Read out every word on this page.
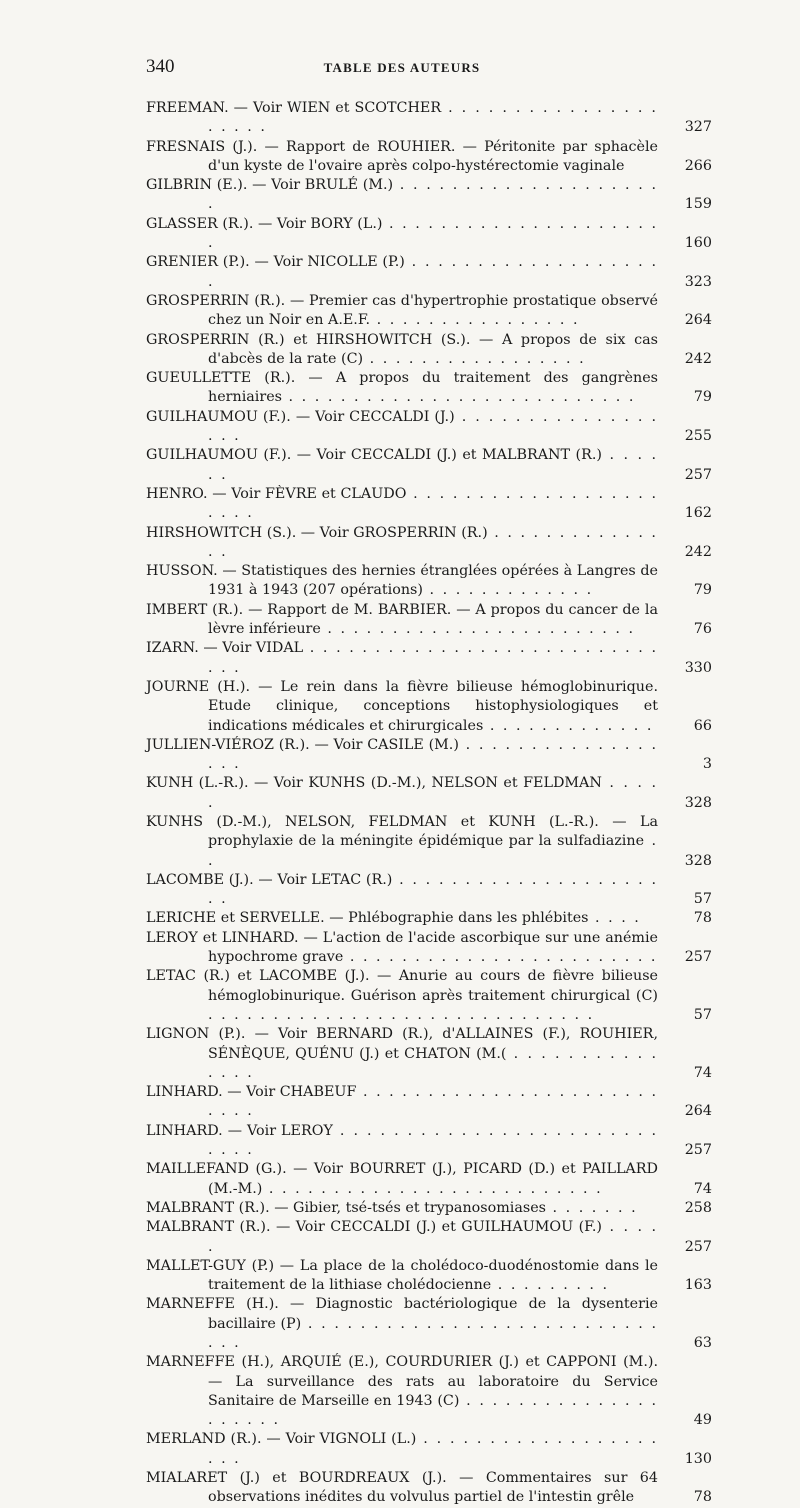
340	TABLE DES AUTEURS
FREEMAN. — Voir WIEN et SCOTCHER . . . . . . . . . . . . . . . . . . . . .	327
FRESNAIS (J.). — Rapport de ROUHIER. — Péritonite par sphacèle d'un kyste de l'ovaire après colpo-hystérectomie vaginale	266
GILBRIN (E.). — Voir BRULÉ (M.) . . . . . . . . . . . . . . . . . . . . .	159
GLASSER (R.). — Voir BORY (L.) . . . . . . . . . . . . . . . . . . . . . .	160
GRENIER (P.). — Voir NICOLLE (P.) . . . . . . . . . . . . . . . . . . . .	323
GROSPERRIN (R.). — Premier cas d'hypertrophie prostatique observé chez un Noir en A.E.F. . . . . . . . . . . . . . . . .	264
GROSPERRIN (R.) et HIRSHOWITCH (S.). — A propos de six cas d'abcès de la rate (C) . . . . . . . . . . . . . . . . .	242
GUEULLETTE (R.). — A propos du traitement des gangrènes herniaires . . . . . . . . . . . . . . . . . . . . . . . . . . .	79
GUILHAUMOU (F.). — Voir CECCALDI (J.) . . . . . . . . . . . . . . . . . .	255
GUILHAUMOU (F.). — Voir CECCALDI (J.) et MALBRANT (R.) . . . . . .	257
HENRO. — Voir FÈVRE et CLAUDO . . . . . . . . . . . . . . . . . . . . . . .	162
HIRSHOWITCH (S.). — Voir GROSPERRIN (R.) . . . . . . . . . . . . . . .	242
HUSSON. — Statistiques des hernies étranglées opérées à Langres de 1931 à 1943 (207 opérations) . . . . . . . . . . . . .	79
IMBERT (R.). — Rapport de M. BARBIER. — A propos du cancer de la lèvre inférieure . . . . . . . . . . . . . . . . . . . . . . . .	76
IZARN. — Voir VIDAL . . . . . . . . . . . . . . . . . . . . . . . . . . . . . .	330
JOURNE (H.). — Le rein dans la fièvre bilieuse hémoglobinurique. Etude clinique, conceptions histophysiologiques et indications médicales et chirurgicales . . . . . . . . . . . . .	66
JULLIEN-VIÉROZ (R.). — Voir CASILE (M.) . . . . . . . . . . . . . . . . . .	3
KUNH (L.-R.). — Voir KUNHS (D.-M.), NELSON et FELDMAN . . . . .	328
KUNHS (D.-M.), NELSON, FELDMAN et KUNH (L.-R.). — La prophylaxie de la méningite épidémique par la sulfadiazine . .	328
LACOMBE (J.). — Voir LETAC (R.) . . . . . . . . . . . . . . . . . . . . . .	57
LERICHE et SERVELLE. — Phlébographie dans les phlébites . . . .	78
LEROY et LINHARD. — L'action de l'acide ascorbique sur une anémie hypochrome grave . . . . . . . . . . . . . . . . . . . . . . . .	257
LETAC (R.) et LACOMBE (J.). — Anurie au cours de fièvre bilieuse hémoglobinurique. Guérison après traitement chirurgical (C) . . . . . . . . . . . . . . . . . . . . . . . . . . . . . .	57
LIGNON (P.). — Voir BERNARD (R.), d'ALLAINES (F.), ROUHIER, SÉNÈQUE, QUÉNU (J.) et CHATON (M.( . . . . . . . . . . . . . . .	74
LINHARD. — Voir CHABEUF . . . . . . . . . . . . . . . . . . . . . . . . . . .	264
LINHARD. — Voir LEROY . . . . . . . . . . . . . . . . . . . . . . . . . . . .	257
MAILLEFAND (G.). — Voir BOURRET (J.), PICARD (D.) et PAILLARD (M.-M.) . . . . . . . . . . . . . . . . . . . . . . . . . .	74
MALBRANT (R.). — Gibier, tsé-tsés et trypanosomiases . . . . . . .	258
MALBRANT (R.). — Voir CECCALDI (J.) et GUILHAUMOU (F.) . . . . .	257
MALLET-GUY (P.) — La place de la cholédoco-duodénostomie dans le traitement de la lithiase cholédocienne . . . . . . . . .	163
MARNEFFE (H.). — Diagnostic bactériologique de la dysenterie bacillaire (P) . . . . . . . . . . . . . . . . . . . . . . . . . . . . . .	63
MARNEFFE (H.), ARQUIÉ (E.), COURDURIER (J.) et CAPPONI (M.). — La surveillance des rats au laboratoire du Service Sanitaire de Marseille en 1943 (C) . . . . . . . . . . . . . . . . . . . . .	49
MERLAND (R.). — Voir VIGNOLI (L.) . . . . . . . . . . . . . . . . . . . . .	130
MIALARET (J.) et BOURDREAUX (J.). — Commentaires sur 64 observations inédites du volvulus partiel de l'intestin grêle	78
